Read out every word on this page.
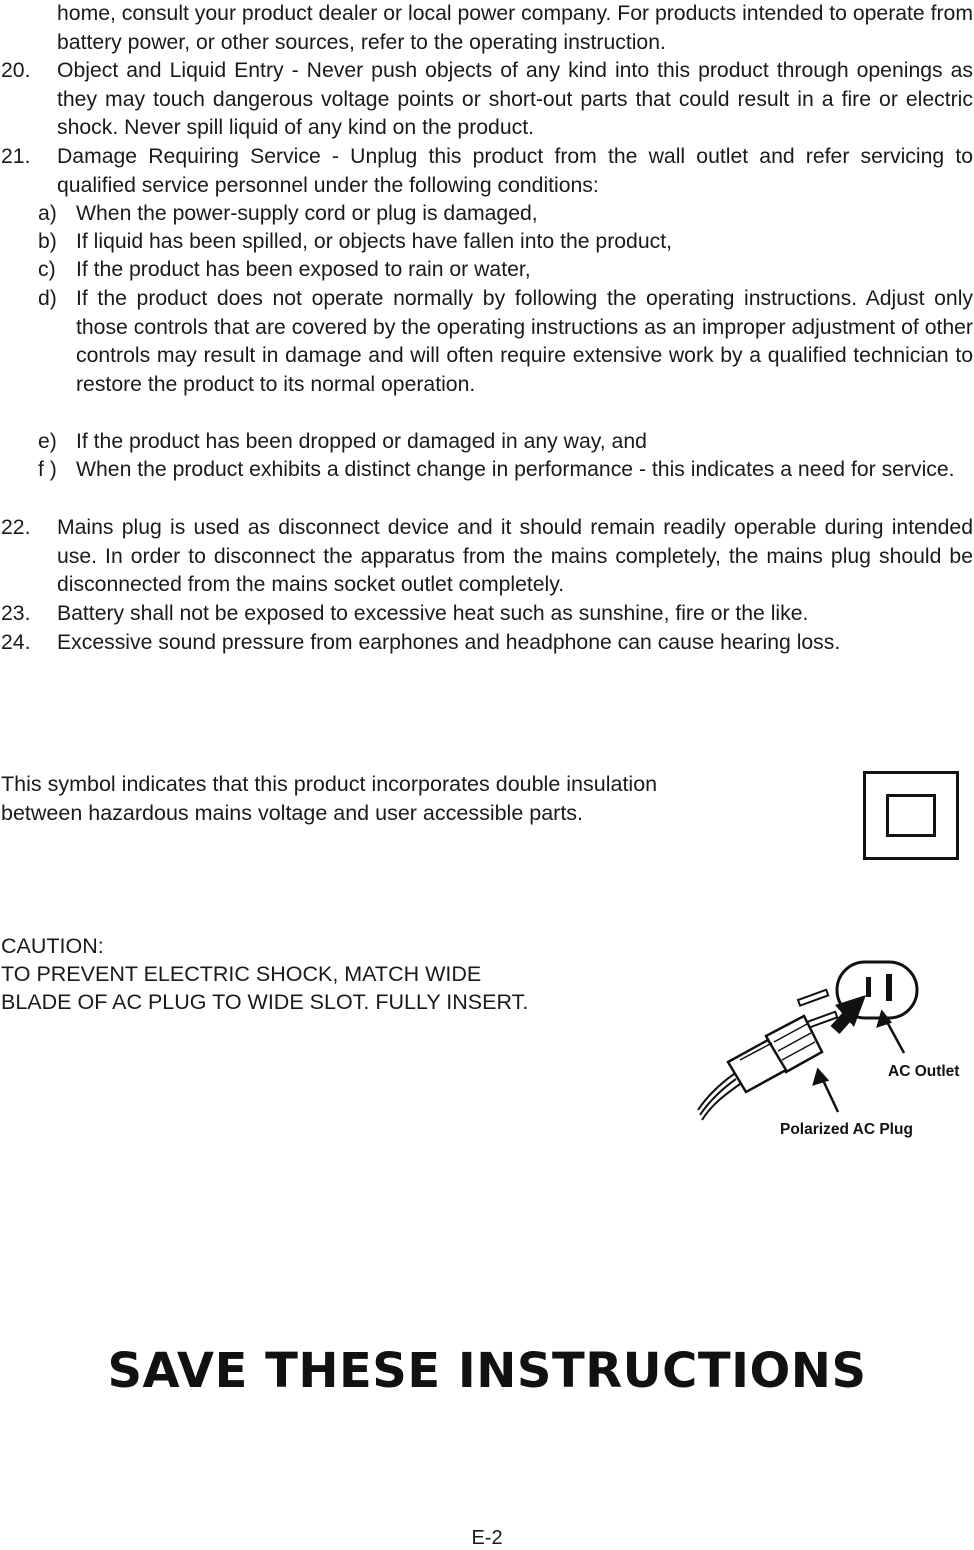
home, consult your product dealer or local power company. For products intended to operate from battery power, or other sources, refer to the operating instruction.
20. Object and Liquid Entry - Never push objects of any kind into this product through openings as they may touch dangerous voltage points or short-out parts that could result in a fire or electric shock. Never spill liquid of any kind on the product.
21. Damage Requiring Service - Unplug this product from the wall outlet and refer servicing to qualified service personnel under the following conditions:
a) When the power-supply cord or plug is damaged,
b) If liquid has been spilled, or objects have fallen into the product,
c) If the product has been exposed to rain or water,
d) If the product does not operate normally by following the operating instructions. Adjust only those controls that are covered by the operating instructions as an improper adjustment of other controls may result in damage and will often require extensive work by a qualified technician to restore the product to its normal operation.
e) If the product has been dropped or damaged in any way, and
f ) When the product exhibits a distinct change in performance - this indicates a need for service.
22. Mains plug is used as disconnect device and it should remain readily operable during intended use. In order to disconnect the apparatus from the mains completely, the mains plug should be disconnected from the mains socket outlet completely.
23. Battery shall not be exposed to excessive heat such as sunshine, fire or the like.
24. Excessive sound pressure from earphones and headphone can cause hearing loss.
This symbol indicates that this product incorporates double insulation
between hazardous mains voltage and user accessible parts.
CAUTION:
TO PREVENT ELECTRIC SHOCK, MATCH WIDE
BLADE OF AC PLUG TO WIDE SLOT. FULLY INSERT.
AC Outlet
Polarized AC Plug
SAVE THESE INSTRUCTIONS
E-2
